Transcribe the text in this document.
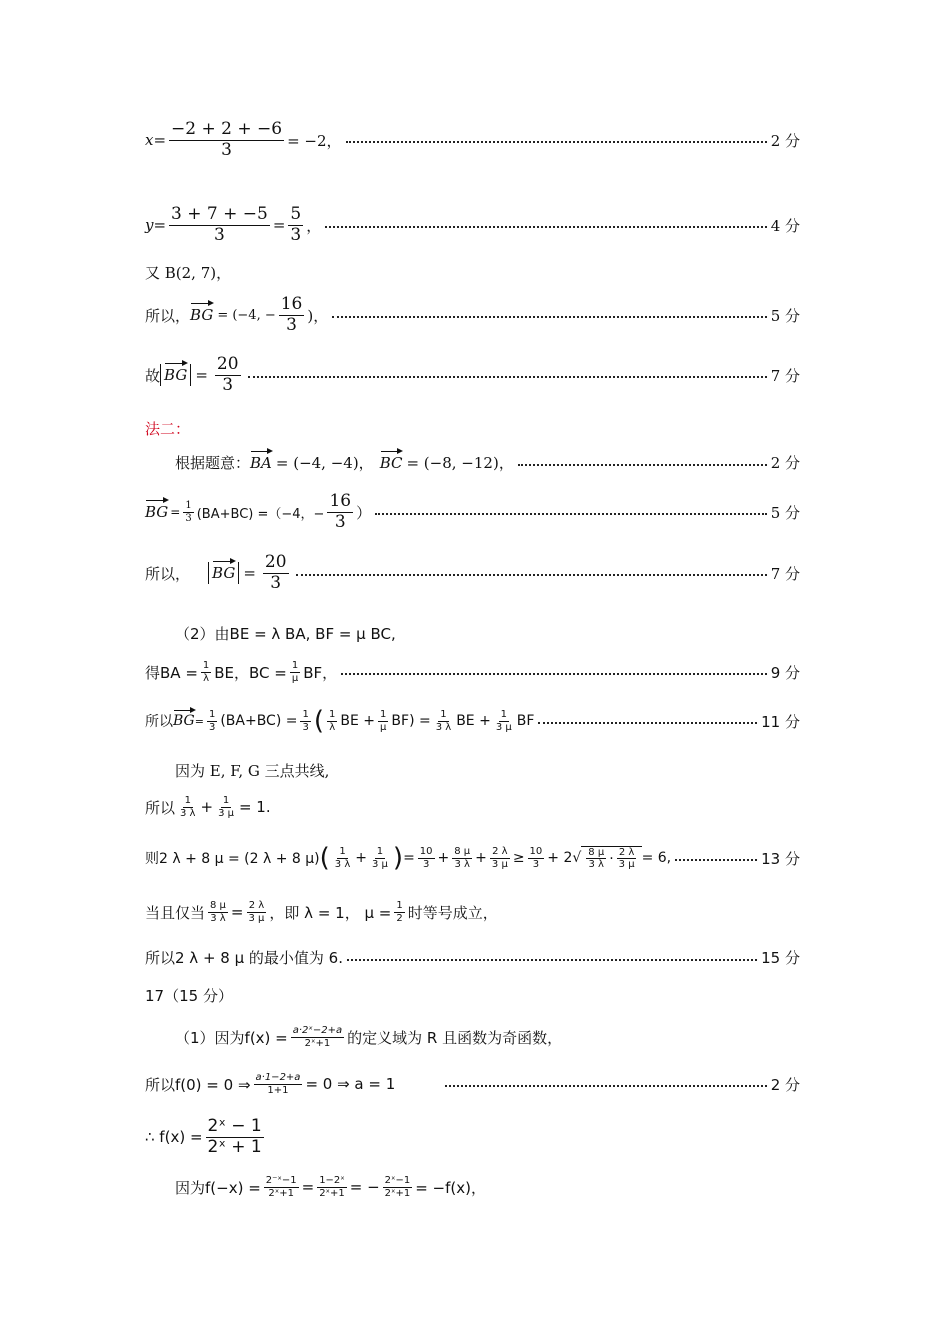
$x= \frac{-2 + 2 + -6}{3} = -2$，	2 分
$y= \frac{3 + 7 + -5}{3} = \frac{5}{3}$ ，	4 分
又 B(2, 7)，
所以， BG = (−4, − $\frac{16}{3}$ )，	5 分
故 BG = $\frac{20}{3}$	7 分
法二：
根据题意： BA = (−4, −4)， BC = (−8, −12)，	2 分
BG = $\frac{1}{3} (BA+BC) =(-4$，− $\frac{16}{3}$ ）	5 分
所以， BG = $\frac{20}{3}$	7 分
（2）由BE = λ BA, BF = μ BC,
得BA = $\frac{1}{\lambda}$ BE，BC = $\frac{1}{\mu}$ BF，	9 分
所以 BG = $\frac{1}{3} (BA+BC) = \frac{1}{3}$ ( $\frac{1}{\lambda}$ BE + $\frac{1}{\mu} BF) = \frac{1}{3 \lambda}$ BE + $\frac{1}{3 \mu}$ BF	11 分
因为 E, F, G 三点共线,
所以 $\frac{1}{3 \lambda} + \frac{1}{3 \mu} = 1$.
则2 λ + 8 μ = (2 λ + 8 μ) ( $\frac{1}{3 \lambda} + \frac{1}{3 \mu}$ ) = $\frac{10}{3} + \frac{8 \mu}{3 \lambda} + \frac{2 \lambda}{3 \mu} \ge \frac{10}{3} + 2$ √ $\frac{8 \mu}{3 \lambda} \cdot \frac{2 \lambda}{3 \mu} = 6$,	13 分
当且仅当 $\frac{8 \mu}{3 \lambda} = \frac{2 \lambda}{3 \mu}$ ，即 λ = 1， $\mu = \frac{1}{2}$ 时等号成立，
所以2 λ + 8 μ 的最小值为 6.	15 分
17（15 分）
（1）因为$f(x) = \frac{\text{a·2ˣ−2+a}}{\text{2ˣ+1}}$ 的定义域为 R 且函数为奇函数，
所以f(0) = 0 ⇒ $\frac{a\cdot 1-2+a}{1+1} = 0$ ⇒ a = 1	2 分
∴ $f(x) = \frac{\text{2ˣ − 1}}{\text{2ˣ + 1}}$
因为$f(-x) = \frac{\text{2⁻ˣ−1}}{\text{2ˣ+1}} = \frac{\text{1−2ˣ}}{\text{2ˣ+1}}$ = − $\frac{\text{2ˣ−1}}{\text{2ˣ+1}} = -f(x)$，
